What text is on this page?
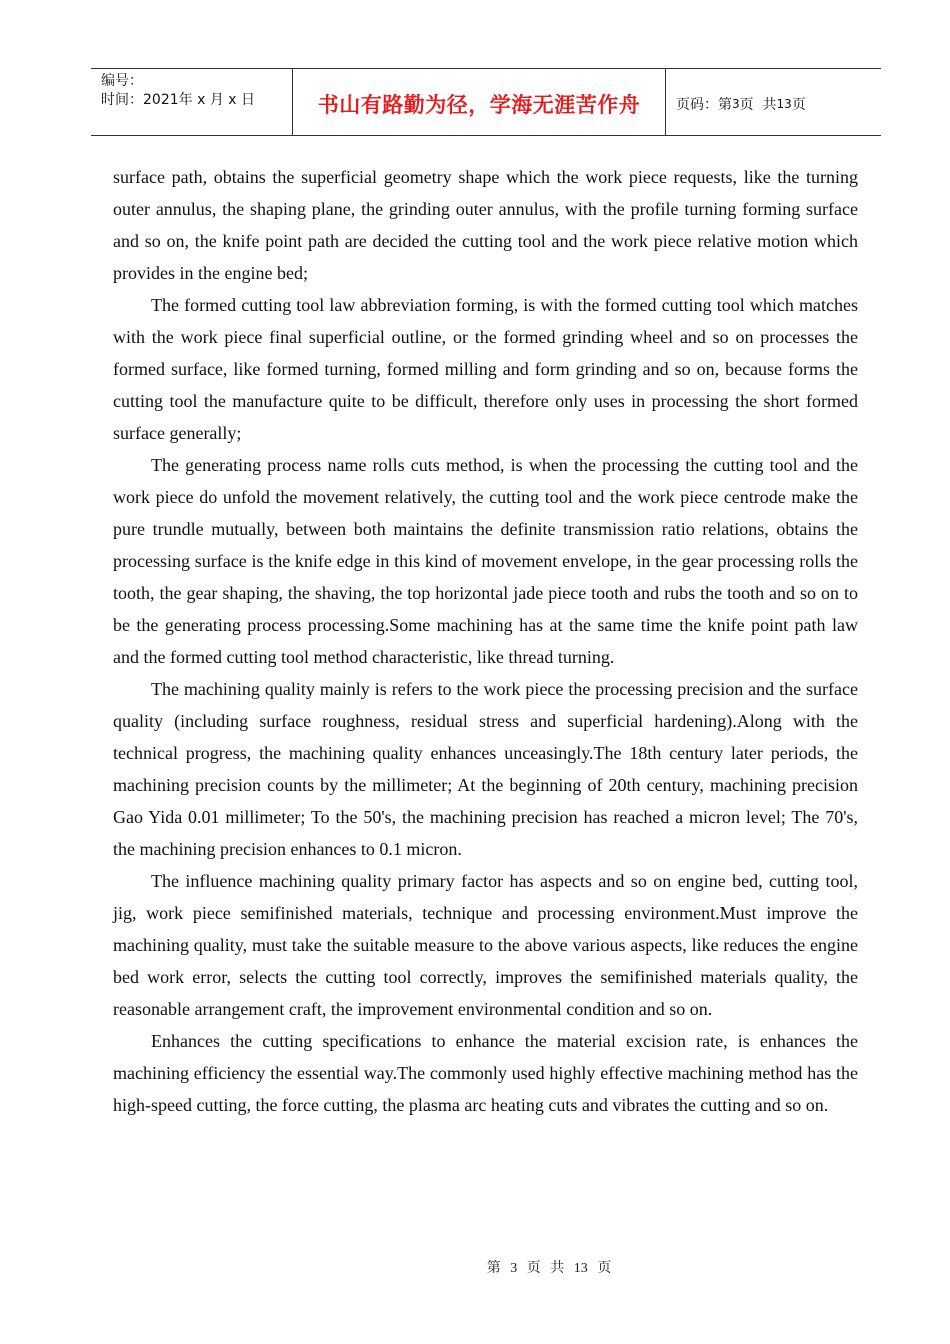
编号：
时间：2021年 x 月 x 日	书山有路勤为径，学海无涯苦作舟	页码：第 3 页  共 13 页

surface path, obtains the superficial geometry shape which the work piece requests, like the turning outer annulus, the shaping plane, the grinding outer annulus, with the profile turning forming surface and so on, the knife point path are decided the cutting tool and the work piece relative motion which provides in the engine bed;

The formed cutting tool law abbreviation forming, is with the formed cutting tool which matches with the work piece final superficial outline, or the formed grinding wheel and so on processes the formed surface, like formed turning, formed milling and form grinding and so on, because forms the cutting tool the manufacture quite to be difficult, therefore only uses in processing the short formed surface generally;

The generating process name rolls cuts method, is when the processing the cutting tool and the work piece do unfold the movement relatively, the cutting tool and the work piece centrode make the pure trundle mutually, between both maintains the definite transmission ratio relations, obtains the processing surface is the knife edge in this kind of movement envelope, in the gear processing rolls the tooth, the gear shaping, the shaving, the top horizontal jade piece tooth and rubs the tooth and so on to be the generating process processing.Some machining has at the same time the knife point path law and the formed cutting tool method characteristic, like thread turning.

The machining quality mainly is refers to the work piece the processing precision and the surface quality (including surface roughness, residual stress and superficial hardening).Along with the technical progress, the machining quality enhances unceasingly.The 18th century later periods, the machining precision counts by the millimeter; At the beginning of 20th century, machining precision Gao Yida 0.01 millimeter; To the 50's, the machining precision has reached a micron level; The 70's, the machining precision enhances to 0.1 micron.

The influence machining quality primary factor has aspects and so on engine bed, cutting tool, jig, work piece semifinished materials, technique and processing environment.Must improve the machining quality, must take the suitable measure to the above various aspects, like reduces the engine bed work error, selects the cutting tool correctly, improves the semifinished materials quality, the reasonable arrangement craft, the improvement environmental condition and so on.

Enhances the cutting specifications to enhance the material excision rate, is enhances the machining efficiency the essential way.The commonly used highly effective machining method has the high-speed cutting, the force cutting, the plasma arc heating cuts and vibrates the cutting and so on.

第 3 页 共 13 页
